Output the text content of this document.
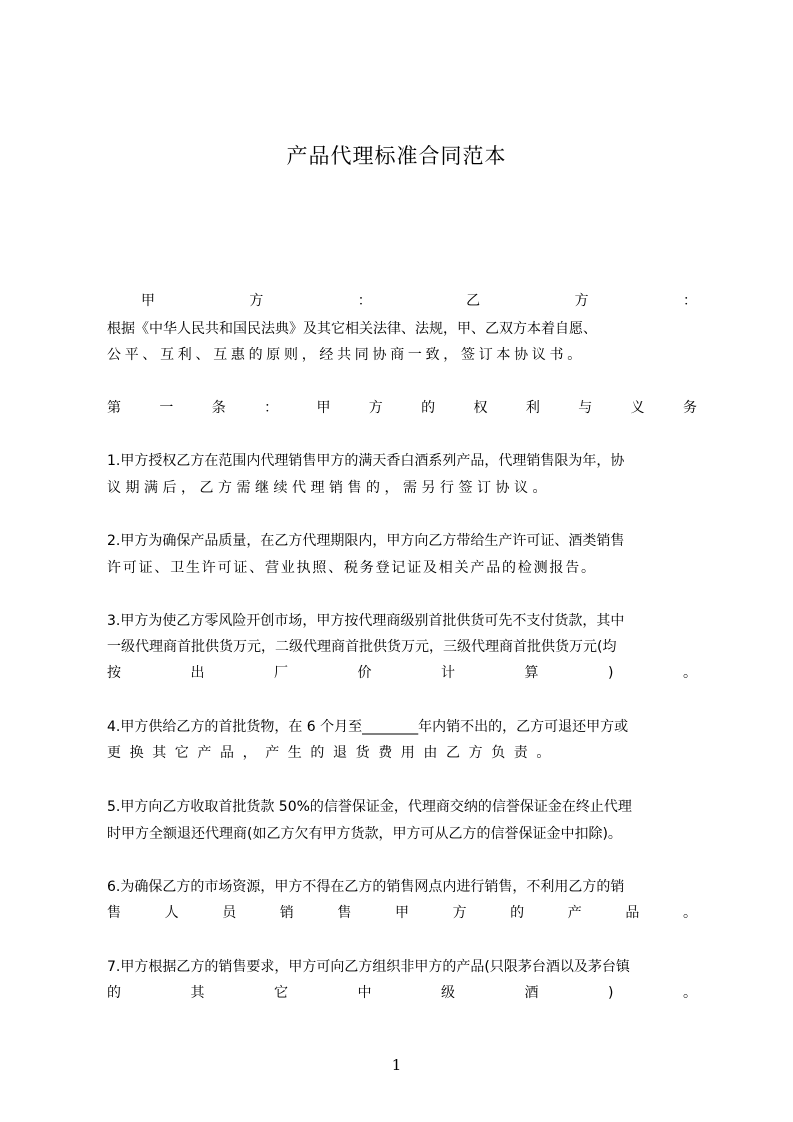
产品代理标准合同范本
甲	方	：	乙	方	：
根据《中华人民共和国民法典》及其它相关法律、法规，甲、乙双方本着自愿、
公平、互利、互惠的原则，经共同协商一致，签订本协议书。
第	一	条	：	甲	方	的	权	利	与	义	务
1.甲方授权乙方在范围内代理销售甲方的满天香白酒系列产品，代理销售限为年，协
议期满后，乙方需继续代理销售的，需另行签订协议。
2.甲方为确保产品质量，在乙方代理期限内，甲方向乙方带给生产许可证、酒类销售
许可证、卫生许可证、营业执照、税务登记证及相关产品的检测报告。
3.甲方为使乙方零风险开创市场，甲方按代理商级别首批供货可先不支付货款，其中
一级代理商首批供货万元，二级代理商首批供货万元，三级代理商首批供货万元(均
按	出	厂	价	计	算	)	。
4.甲方供给乙方的首批货物，在 6 个月至________年内销不出的，乙方可退还甲方或
更换其它产品，产生的退货费用由乙方负责。
5.甲方向乙方收取首批货款 50%的信誉保证金，代理商交纳的信誉保证金在终止代理
时甲方全额退还代理商(如乙方欠有甲方货款，甲方可从乙方的信誉保证金中扣除)。
6.为确保乙方的市场资源，甲方不得在乙方的销售网点内进行销售，不利用乙方的销
售	人	员	销	售	甲	方	的	产	品	。
7.甲方根据乙方的销售要求，甲方可向乙方组织非甲方的产品(只限茅台酒以及茅台镇
的	其	它	中	级	酒	)	。
1
